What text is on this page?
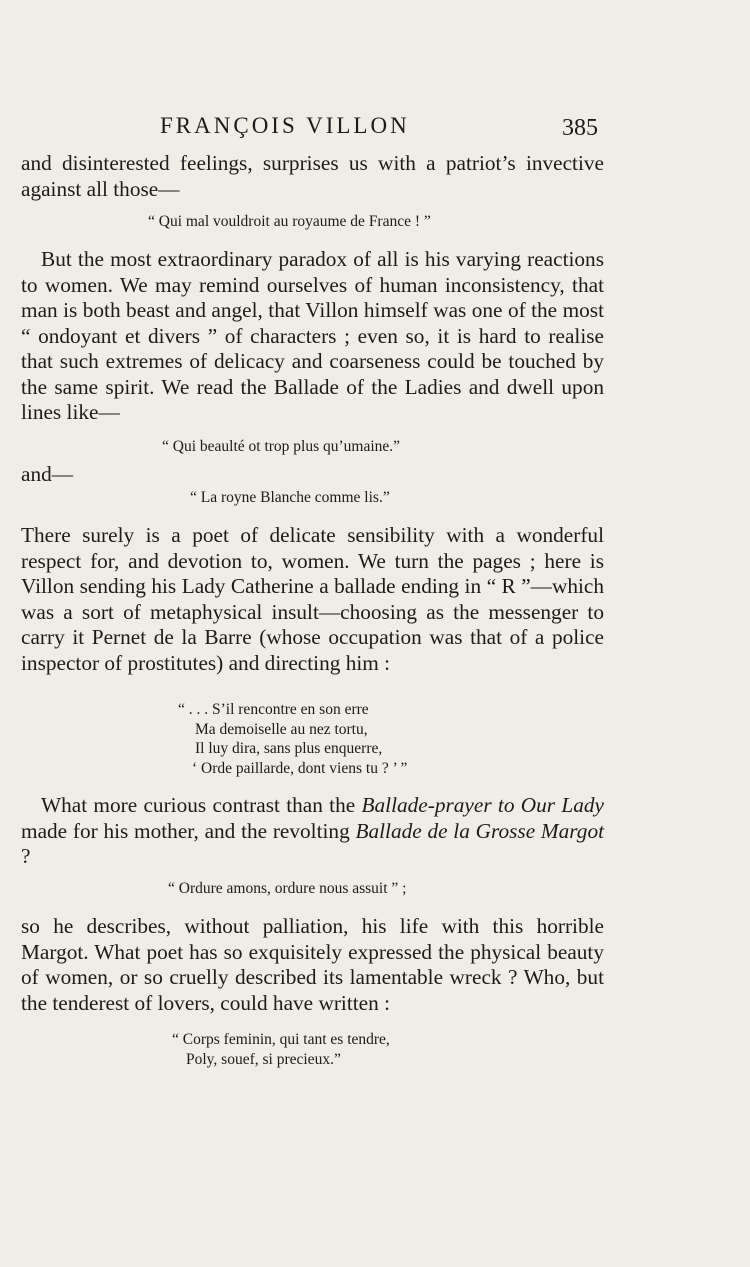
FRANÇOIS VILLON	385

and disinterested feelings, surprises us with a patriot’s invective against all those—

“ Qui mal vouldroit au royaume de France ! ”

But the most extraordinary paradox of all is his varying reactions to women. We may remind ourselves of human inconsistency, that man is both beast and angel, that Villon himself was one of the most “ ondoyant et divers ” of characters ; even so, it is hard to realise that such extremes of delicacy and coarseness could be touched by the same spirit. We read the Ballade of the Ladies and dwell upon lines like—

“ Qui beaulté ot trop plus qu’umaine.”

and—

“ La royne Blanche comme lis.”

There surely is a poet of delicate sensibility with a wonderful respect for, and devotion to, women. We turn the pages ; here is Villon sending his Lady Catherine a ballade ending in “ R ”—which was a sort of metaphysical insult—choosing as the messenger to carry it Pernet de la Barre (whose occupation was that of a police inspector of prostitutes) and directing him :

“ . . . S’il rencontre en son erre
Ma demoiselle au nez tortu,
Il luy dira, sans plus enquerre,
‘ Orde paillarde, dont viens tu ? ’ ”

What more curious contrast than the Ballade-prayer to Our Lady made for his mother, and the revolting Ballade de la Grosse Margot ?

“ Ordure amons, ordure nous assuit ” ;

so he describes, without palliation, his life with this horrible Margot. What poet has so exquisitely expressed the physical beauty of women, or so cruelly described its lamentable wreck ? Who, but the tenderest of lovers, could have written :

“ Corps feminin, qui tant es tendre,
Poly, souef, si precieux.”
